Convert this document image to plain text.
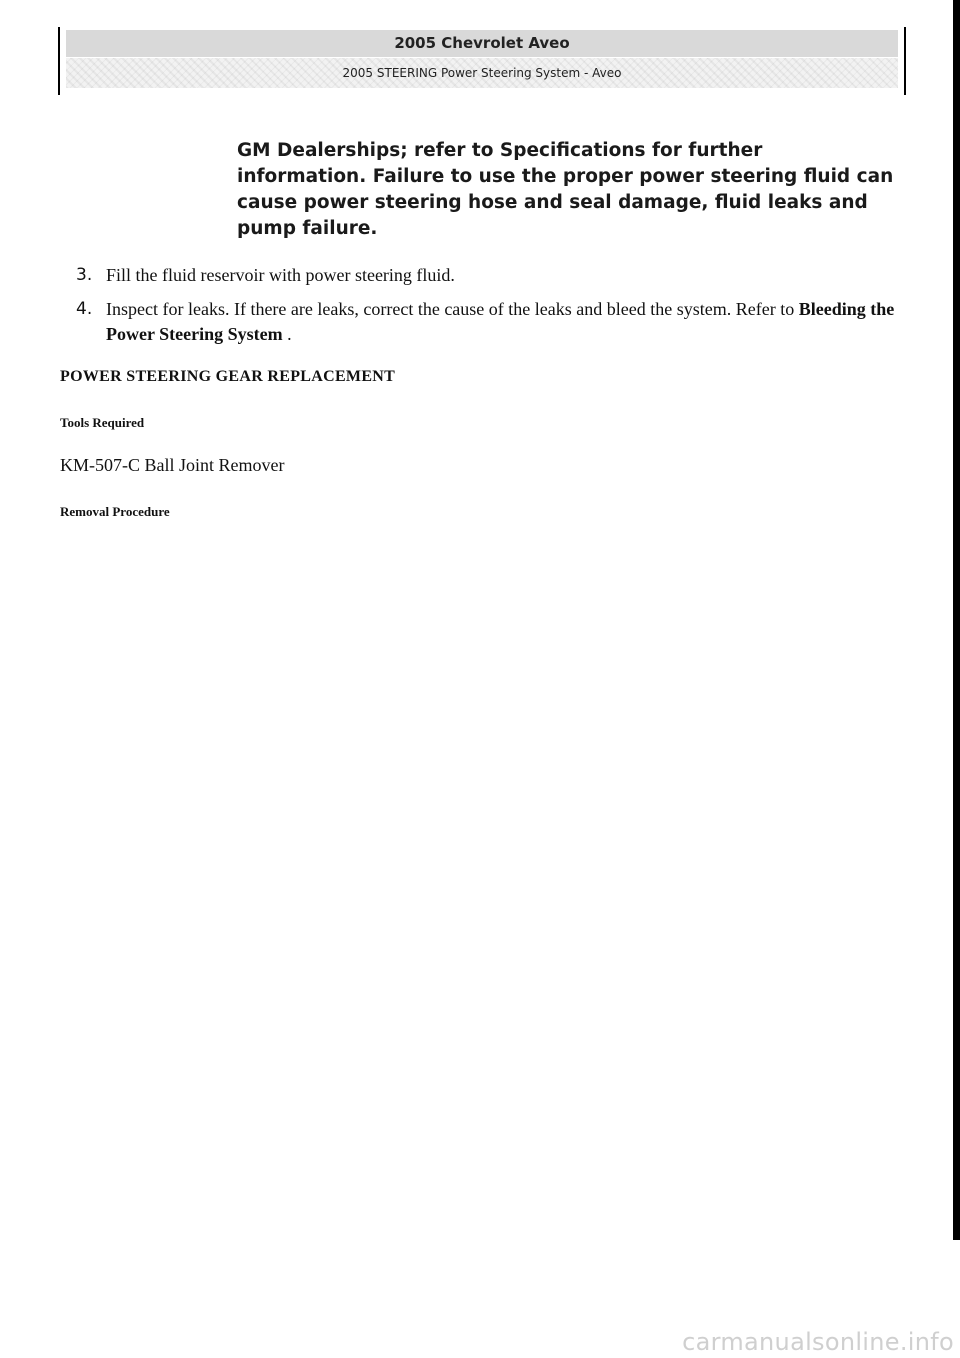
2005 Chevrolet Aveo
2005 STEERING Power Steering System - Aveo
GM Dealerships; refer to Specifications for further information. Failure to use the proper power steering fluid can cause power steering hose and seal damage, fluid leaks and pump failure.
3. Fill the fluid reservoir with power steering fluid.
4. Inspect for leaks. If there are leaks, correct the cause of the leaks and bleed the system. Refer to Bleeding the Power Steering System .
POWER STEERING GEAR REPLACEMENT
Tools Required
KM-507-C Ball Joint Remover
Removal Procedure
carmanualsonline.info
